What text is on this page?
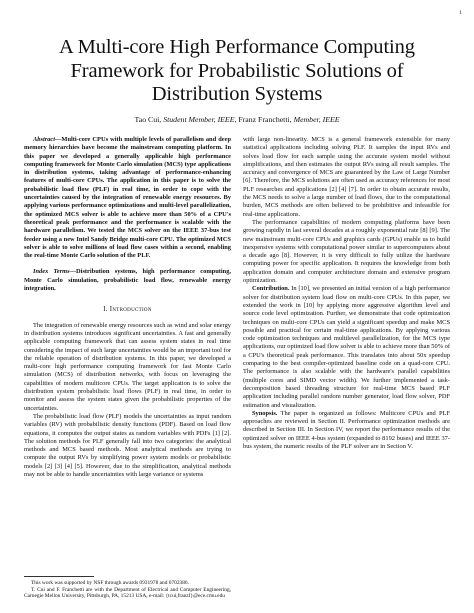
1
A Multi-core High Performance Computing Framework for Probabilistic Solutions of Distribution Systems
Tao Cui, Student Member, IEEE, Franz Franchetti, Member, IEEE

Abstract—Multi-core CPUs with multiple levels of parallelism and deep memory hierarchies have become the mainstream computing platform. In this paper we developed a generally applicable high performance computing framework for Monte Carlo simulation (MCS) type applications in distribution systems, taking advantage of performance-enhancing features of multi-core CPUs. The application in this paper is to solve the probabilistic load flow (PLF) in real time, in order to cope with the uncertainties caused by the integration of renewable energy resources. By applying various performance optimizations and multi-level parallelization, the optimized MCS solver is able to achieve more than 50% of a CPU's theoretical peak performance and the performance is scalable with the hardware parallelism. We tested the MCS solver on the IEEE 37-bus test feeder using a new Intel Sandy Bridge multi-core CPU. The optimized MCS solver is able to solve millions of load flow cases within a second, enabling the real-time Monte Carlo solution of the PLF.

Index Terms—Distribution systems, high performance computing, Monte Carlo simulation, probabilistic load flow, renewable energy integration.

I. Introduction

The integration of renewable energy resources such as wind and solar energy in distribution systems introduces significant uncertainties. A fast and generally applicable computing framework that can assess system states in real time considering the impact of such large uncertainties would be an important tool for the reliable operation of distribution systems. In this paper, we developed a multi-core high performance computing framework for fast Monte Carlo simulation (MCS) of distribution networks, with focus on leveraging the capabilities of modern multicore CPUs. The target application is to solve the distribution system probabilistic load flows (PLF) in real time, in order to monitor and assess the system states given the probabilistic properties of the uncertainties.

The probabilistic load flow (PLF) models the uncertainties as input random variables (RV) with probabilistic density functions (PDF). Based on load flow equations, it computes the output states as random variables with PDFs [1] [2]. The solution methods for PLF generally fall into two categories: the analytical methods and MCS based methods. Most analytical methods are trying to compute the output RVs by simplifying power system models or probabilistic models [2] [3] [4] [5]. However, due to the simplification, analytical methods may not be able to handle uncertainties with large variance or systems

with large non-linearity. MCS is a general framework extensible for many statistical applications including solving PLF. It samples the input RVs and solves load flow for each sample using the accurate system model without simplifications, and then estimates the output RVs using all result samples. The accuracy and convergence of MCS are guaranteed by the Law of Large Number [6]. Therefore, the MCS solutions are often used as accuracy references for most PLF researches and applications [2] [4] [7]. In order to obtain accurate results, the MCS needs to solve a large number of load flows, due to the computational burden, MCS methods are often believed to be prohibitive and infeasible for real-time applications.

The performance capabilities of modern computing platforms have been growing rapidly in last several decades at a roughly exponential rate [8] [9]. The new mainstream multi-core CPUs and graphics cards (GPUs) enable us to build inexpensive systems with computational power similar to supercomputers about a decade ago [8]. However, it is very difficult to fully utilize the hardware computing power for specific application. It requires the knowledge from both application domain and computer architecture domain and extensive program optimization.

Contribution. In [10], we presented an initial version of a high performance solver for distribution system load flow on multi-core CPUs. In this paper, we extended the work in [10] by applying more aggressive algorithm level and source code level optimization. Further, we demonstrate that code optimization techniques on multi-core CPUs can yield a significant speedup and make MCS possible and practical for certain real-time applications. By applying various code optimization techniques and multilevel parallelization, for the MCS type applications, our optimized load flow solver is able to achieve more than 50% of a CPU's theoretical peak performance. This translates into about 50x speedup comparing to the best compiler-optimized baseline code on a quad-core CPU. The performance is also scalable with the hardware's parallel capabilities (multiple cores and SIMD vector width). We further implemented a task-decomposition based threading structure for real-time MCS based PLF application including parallel random number generator, load flow solver, PDF estimation and visualization.

Synopsis. The paper is organized as follows: Multicore CPUs and PLF approaches are reviewed in Section II. Performance optimization methods are described in Section III. In Section IV, we report the performance results of the optimized solver on IEEE 4-bus system (expanded to 8192 buses) and IEEE 37-bus system, the numeric results of the PLF solver are in Section V.

This work was supported by NSF through awards 0931978 and 0702386.

T. Cui and F. Franchetti are with the Department of Electrical and Computer Engineering, Carnegie Mellon University, Pittsburgh, PA, 15213 USA, e-mail: {tcui,franzf}@ece.cmu.edu
